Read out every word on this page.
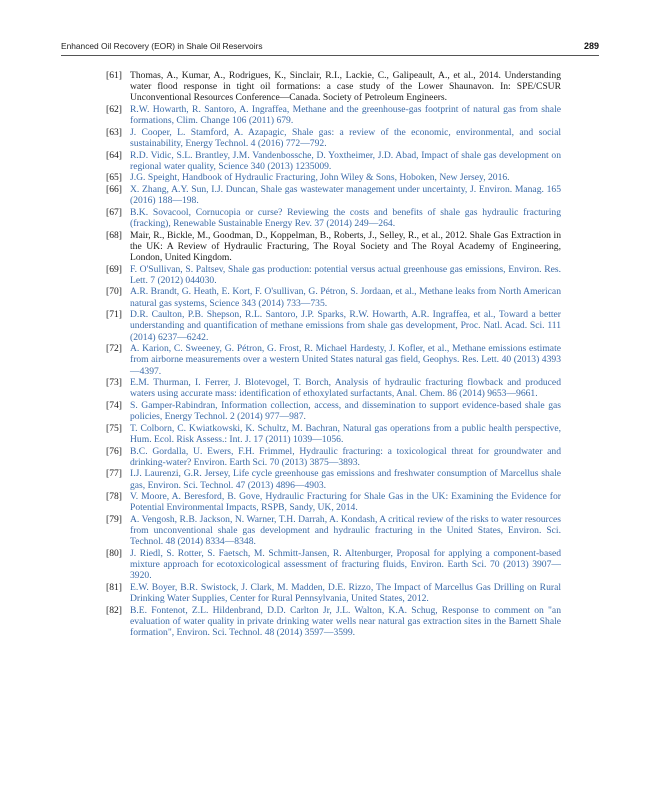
Enhanced Oil Recovery (EOR) in Shale Oil Reservoirs	289
[61] Thomas, A., Kumar, A., Rodrigues, K., Sinclair, R.I., Lackie, C., Galipeault, A., et al., 2014. Understanding water flood response in tight oil formations: a case study of the Lower Shaunavon. In: SPE/CSUR Unconventional Resources Conference—Canada. Society of Petroleum Engineers.
[62] R.W. Howarth, R. Santoro, A. Ingraffea, Methane and the greenhouse-gas footprint of natural gas from shale formations, Clim. Change 106 (2011) 679.
[63] J. Cooper, L. Stamford, A. Azapagic, Shale gas: a review of the economic, environmental, and social sustainability, Energy Technol. 4 (2016) 772—792.
[64] R.D. Vidic, S.L. Brantley, J.M. Vandenbossche, D. Yoxtheimer, J.D. Abad, Impact of shale gas development on regional water quality, Science 340 (2013) 1235009.
[65] J.G. Speight, Handbook of Hydraulic Fracturing, John Wiley & Sons, Hoboken, New Jersey, 2016.
[66] X. Zhang, A.Y. Sun, I.J. Duncan, Shale gas wastewater management under uncertainty, J. Environ. Manag. 165 (2016) 188—198.
[67] B.K. Sovacool, Cornucopia or curse? Reviewing the costs and benefits of shale gas hydraulic fracturing (fracking), Renewable Sustainable Energy Rev. 37 (2014) 249—264.
[68] Mair, R., Bickle, M., Goodman, D., Koppelman, B., Roberts, J., Selley, R., et al., 2012. Shale Gas Extraction in the UK: A Review of Hydraulic Fracturing, The Royal Society and The Royal Academy of Engineering, London, United Kingdom.
[69] F. O'Sullivan, S. Paltsev, Shale gas production: potential versus actual greenhouse gas emissions, Environ. Res. Lett. 7 (2012) 044030.
[70] A.R. Brandt, G. Heath, E. Kort, F. O'sullivan, G. Pétron, S. Jordaan, et al., Methane leaks from North American natural gas systems, Science 343 (2014) 733—735.
[71] D.R. Caulton, P.B. Shepson, R.L. Santoro, J.P. Sparks, R.W. Howarth, A.R. Ingraffea, et al., Toward a better understanding and quantification of methane emissions from shale gas development, Proc. Natl. Acad. Sci. 111 (2014) 6237—6242.
[72] A. Karion, C. Sweeney, G. Pétron, G. Frost, R. Michael Hardesty, J. Kofler, et al., Methane emissions estimate from airborne measurements over a western United States natural gas field, Geophys. Res. Lett. 40 (2013) 4393—4397.
[73] E.M. Thurman, I. Ferrer, J. Blotevogel, T. Borch, Analysis of hydraulic fracturing flowback and produced waters using accurate mass: identification of ethoxylated surfactants, Anal. Chem. 86 (2014) 9653—9661.
[74] S. Gamper-Rabindran, Information collection, access, and dissemination to support evidence-based shale gas policies, Energy Technol. 2 (2014) 977—987.
[75] T. Colborn, C. Kwiatkowski, K. Schultz, M. Bachran, Natural gas operations from a public health perspective, Hum. Ecol. Risk Assess.: Int. J. 17 (2011) 1039—1056.
[76] B.C. Gordalla, U. Ewers, F.H. Frimmel, Hydraulic fracturing: a toxicological threat for groundwater and drinking-water? Environ. Earth Sci. 70 (2013) 3875—3893.
[77] I.J. Laurenzi, G.R. Jersey, Life cycle greenhouse gas emissions and freshwater consumption of Marcellus shale gas, Environ. Sci. Technol. 47 (2013) 4896—4903.
[78] V. Moore, A. Beresford, B. Gove, Hydraulic Fracturing for Shale Gas in the UK: Examining the Evidence for Potential Environmental Impacts, RSPB, Sandy, UK, 2014.
[79] A. Vengosh, R.B. Jackson, N. Warner, T.H. Darrah, A. Kondash, A critical review of the risks to water resources from unconventional shale gas development and hydraulic fracturing in the United States, Environ. Sci. Technol. 48 (2014) 8334—8348.
[80] J. Riedl, S. Rotter, S. Faetsch, M. Schmitt-Jansen, R. Altenburger, Proposal for applying a component-based mixture approach for ecotoxicological assessment of fracturing fluids, Environ. Earth Sci. 70 (2013) 3907—3920.
[81] E.W. Boyer, B.R. Swistock, J. Clark, M. Madden, D.E. Rizzo, The Impact of Marcellus Gas Drilling on Rural Drinking Water Supplies, Center for Rural Pennsylvania, United States, 2012.
[82] B.E. Fontenot, Z.L. Hildenbrand, D.D. Carlton Jr, J.L. Walton, K.A. Schug, Response to comment on "an evaluation of water quality in private drinking water wells near natural gas extraction sites in the Barnett Shale formation", Environ. Sci. Technol. 48 (2014) 3597—3599.
